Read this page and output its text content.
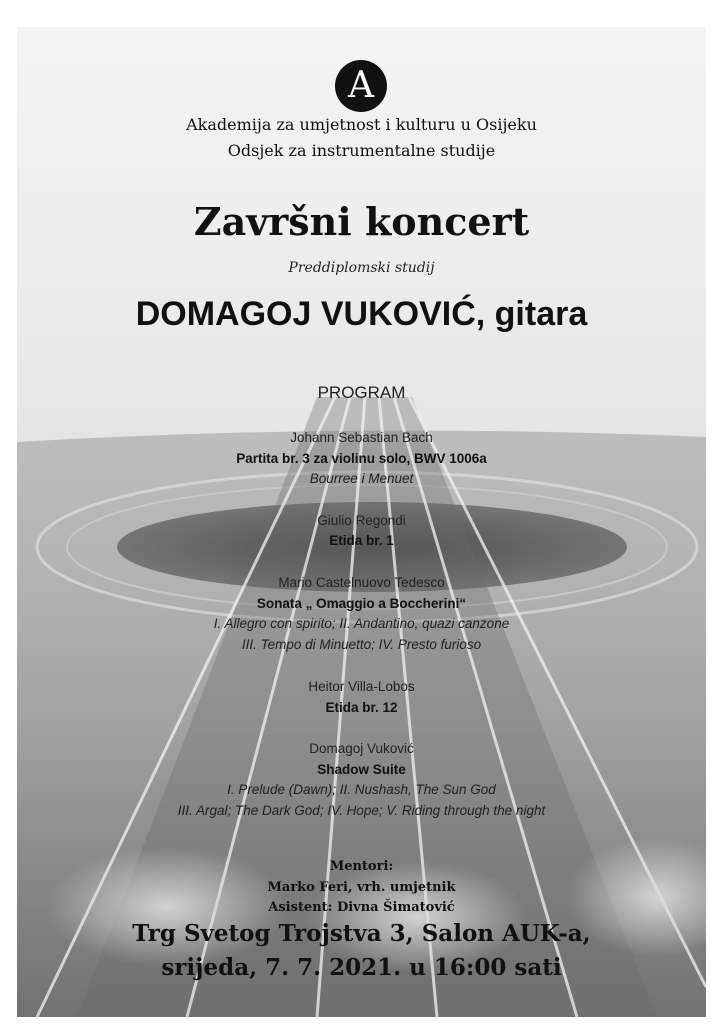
A
Akademija za umjetnost i kulturu u Osijeku
Odsjek za instrumentalne studije
Završni koncert
Preddiplomski studij
DOMAGOJ VUKOVIĆ, gitara
PROGRAM
Johann Sebastian Bach
Partita br. 3 za violinu solo, BWV 1006a
Bourree i Menuet
Giulio Regondi
Etida br. 1
Mario Castelnuovo Tedesco
Sonata „ Omaggio a Boccherini“
I. Allegro con spirito; II. Andantino, quazi canzone
III. Tempo di Minuetto; IV. Presto furioso
Heitor Villa-Lobos
Etida br. 12
Domagoj Vuković
Shadow Suite
I. Prelude (Dawn); II. Nushash, The Sun God
III. Argal; The Dark God; IV. Hope; V. Riding through the night
Mentori:
Marko Feri, vrh. umjetnik
Asistent: Divna Šimatović
Trg Svetog Trojstva 3, Salon AUK-a,
srijeda, 7. 7. 2021. u 16:00 sati
